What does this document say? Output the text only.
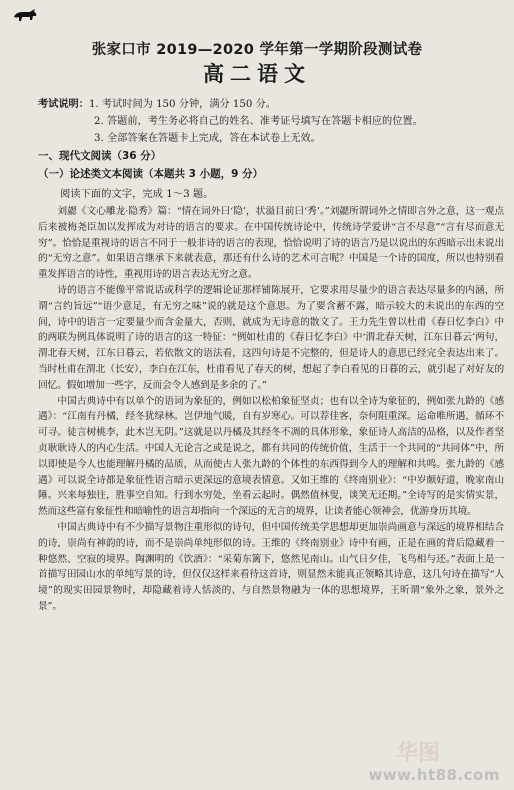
张家口市 2019—2020 学年第一学期阶段测试卷
高二语文
考试说明：1. 考试时间为 150 分钟，满分 150 分。
2. 答题前，考生务必将自己的姓名、准考证号填写在答题卡相应的位置。
3. 全部答案在答题卡上完成，答在本试卷上无效。
一、现代文阅读（36 分）
（一）论述类文本阅读（本题共 3 小题，9 分）
阅读下面的文字，完成 1～3 题。

刘勰《文心雕龙·隐秀》篇：“情在词外曰‘隐’，状溢目前曰‘秀’。”刘勰所谓词外之情即言外之意，这一观点后来被梅尧臣加以发挥成为对诗的语言的要求。在中国传统诗论中，传统诗学爱讲“言不尽意”“言有尽而意无穷”。恰恰是重视诗的语言不同于一般非诗的语言的表现，恰恰说明了诗的语言乃是以说出的东西暗示出未说出的“无穷之意”。如果语言继承下来就表意，那还有什么诗的艺术可言呢？中国是一个诗的国度，所以也特别看重发挥语言的诗性，重视用诗的语言表达无穷之意。

诗的语言不能像平常说话或科学的逻辑论证那样铺陈展开，它要求用尽量少的语言表达尽量多的内涵，所谓“言约旨远”“语少意足，有无穷之味”说的就是这个意思。为了要含蓄不露，暗示较大的未说出的东西的空间，诗中的语言一定要量少而含金量大，否则，就成为无诗意的散文了。王力先生曾以杜甫《春日忆李白》中的两联为例具体说明了诗的语言的这一特征：“例如杜甫的《春日忆李白》中‘渭北春天树，江东日暮云’两句，渭北春天树，江东日暮云，若依散文的语法看，这四句诗是不完整的，但是诗人的意思已经完全表达出来了。当时杜甫在渭北（长安），李白在江东，杜甫看见了春天的树，想起了李白看见的日暮的云，就引起了对好友的回忆。假如增加一些字，反而会令人感到是多余的了。”

中国古典诗中有以单个的语词为象征的，例如以松柏象征坚贞；也有以全诗为象征的，例如张九龄的《感遇》：“江南有丹橘，经冬犹绿林。岂伊地气暖，自有岁寒心。可以荐佳客，奈何阻重深。运命唯所遇，循环不可寻。徒言树桃李，此木岂无阴。”这就是以丹橘及其经冬不凋的具体形象，象征诗人高洁的品格，以及作者坚贞耿耿诗人的内心生活。中国人无论言之或是说之，都有共同的传统价值，生活于一个共同的“共同体”中，所以即使是今人也能理解丹橘的品质，从而使古人张九龄的个体性的东西得到今人的理解和共鸣。张九龄的《感遇》可以说全诗都是象征性语言暗示更深远的意境表情意。又如王维的《终南别业》：“中岁颇好道，晚家南山陲。兴来每独往，胜事空自知。行到水穷处，坐看云起时。偶然值林叟，谈笑无还期。”全诗写的是实情实景，然而这些富有象征性和暗喻性的语言却指向一个深远的无言的境界，让读者能心领神会，优游身历其境。

中国古典诗中有不少描写景物注重形似的诗句，但中国传统美学思想却更加崇尚画意与深远的境界相结合的诗，崇尚有神韵的诗，而不是崇尚单纯形似的诗。王维的《终南别业》诗中有画，正是在画的背后隐藏着一种悠然、空寂的境界。陶渊明的《饮酒》：“采菊东篱下，悠然见南山。山气日夕佳，飞鸟相与还。”表面上是一首描写田园山水的单纯写景的诗，但仅仅这样来看待这首诗，则显然未能真正领略其诗意，这几句诗在描写“人境”的现实田园景物时，却隐藏着诗人恬淡的、与自然景物融为一体的思想境界，王昕谓“象外之象，景外之景”。

华图
www.ht88.com
